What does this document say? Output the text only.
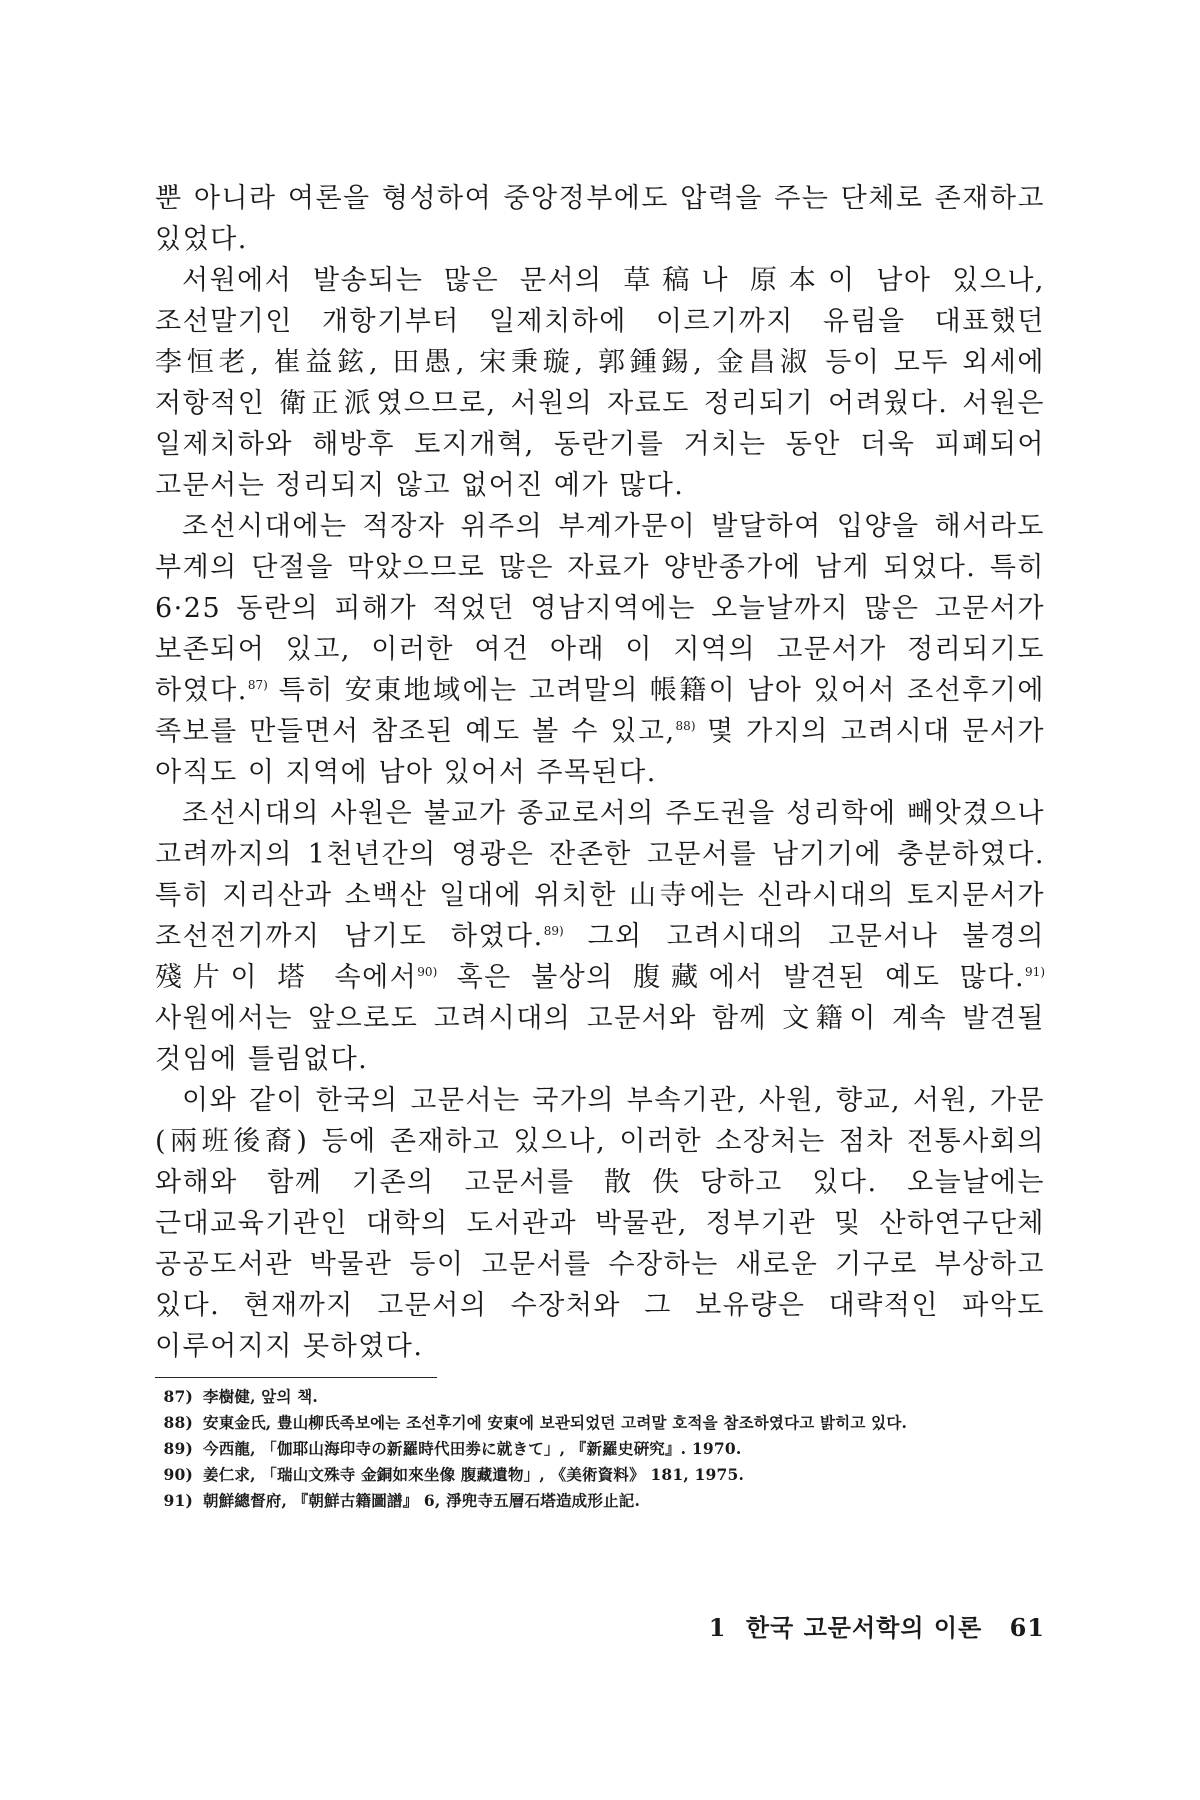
뿐 아니라 여론을 형성하여 중앙정부에도 압력을 주는 단체로 존재하고 있었다.

서원에서 발송되는 많은 문서의 草稿나 原本이 남아 있으나, 조선말기인 개항기부터 일제치하에 이르기까지 유림을 대표했던 李恒老, 崔益鉉, 田愚, 宋秉璇, 郭鍾錫, 金昌淑 등이 모두 외세에 저항적인 衛正派였으므로, 서원의 자료도 정리되기 어려웠다. 서원은 일제치하와 해방후 토지개혁, 동란기를 거치는 동안 더욱 피폐되어 고문서는 정리되지 않고 없어진 예가 많다.

조선시대에는 적장자 위주의 부계가문이 발달하여 입양을 해서라도 부계의 단절을 막았으므로 많은 자료가 양반종가에 남게 되었다. 특히 6·25 동란의 피해가 적었던 영남지역에는 오늘날까지 많은 고문서가 보존되어 있고, 이러한 여건 아래 이 지역의 고문서가 정리되기도 하였다.$^{87)}$ 특히 安東地域에는 고려말의 帳籍이 남아 있어서 조선후기에 족보를 만들면서 참조된 예도 볼 수 있고,$^{88)}$ 몇 가지의 고려시대 문서가 아직도 이 지역에 남아 있어서 주목된다.

조선시대의 사원은 불교가 종교로서의 주도권을 성리학에 빼앗겼으나 고려까지의 1천년간의 영광은 잔존한 고문서를 남기기에 충분하였다. 특히 지리산과 소백산 일대에 위치한 山寺에는 신라시대의 토지문서가 조선전기까지 남기도 하였다.$^{89)}$ 그외 고려시대의 고문서나 불경의 殘片이 塔 속에서$^{90)}$ 혹은 불상의 腹藏에서 발견된 예도 많다.$^{91)}$ 사원에서는 앞으로도 고려시대의 고문서와 함께 文籍이 계속 발견될 것임에 틀림없다.

이와 같이 한국의 고문서는 국가의 부속기관, 사원, 향교, 서원, 가문(兩班後裔) 등에 존재하고 있으나, 이러한 소장처는 점차 전통사회의 와해와 함께 기존의 고문서를 散佚당하고 있다. 오늘날에는 근대교육기관인 대학의 도서관과 박물관, 정부기관 및 산하연구단체 공공도서관 박물관 등이 고문서를 수장하는 새로운 기구로 부상하고 있다. 현재까지 고문서의 수장처와 그 보유량은 대략적인 파악도 이루어지지 못하였다.

87) 李樹健, 앞의 책.
88) 安東金氏, 豊山柳氏족보에는 조선후기에 安東에 보관되었던 고려말 호적을 참조하였다고 밝히고 있다.
89) 今西龍, 「伽耶山海印寺の新羅時代田劵に就きて」, 『新羅史硏究』. 1970.
90) 姜仁求, 「瑞山文殊寺 金銅如來坐像 腹藏遺物」, 《美術資料》 181, 1975.
91) 朝鮮總督府, 『朝鮮古籍圖譜』 6, 淨兜寺五層石塔造成形止記.
1 한국 고문서학의 이론 61
